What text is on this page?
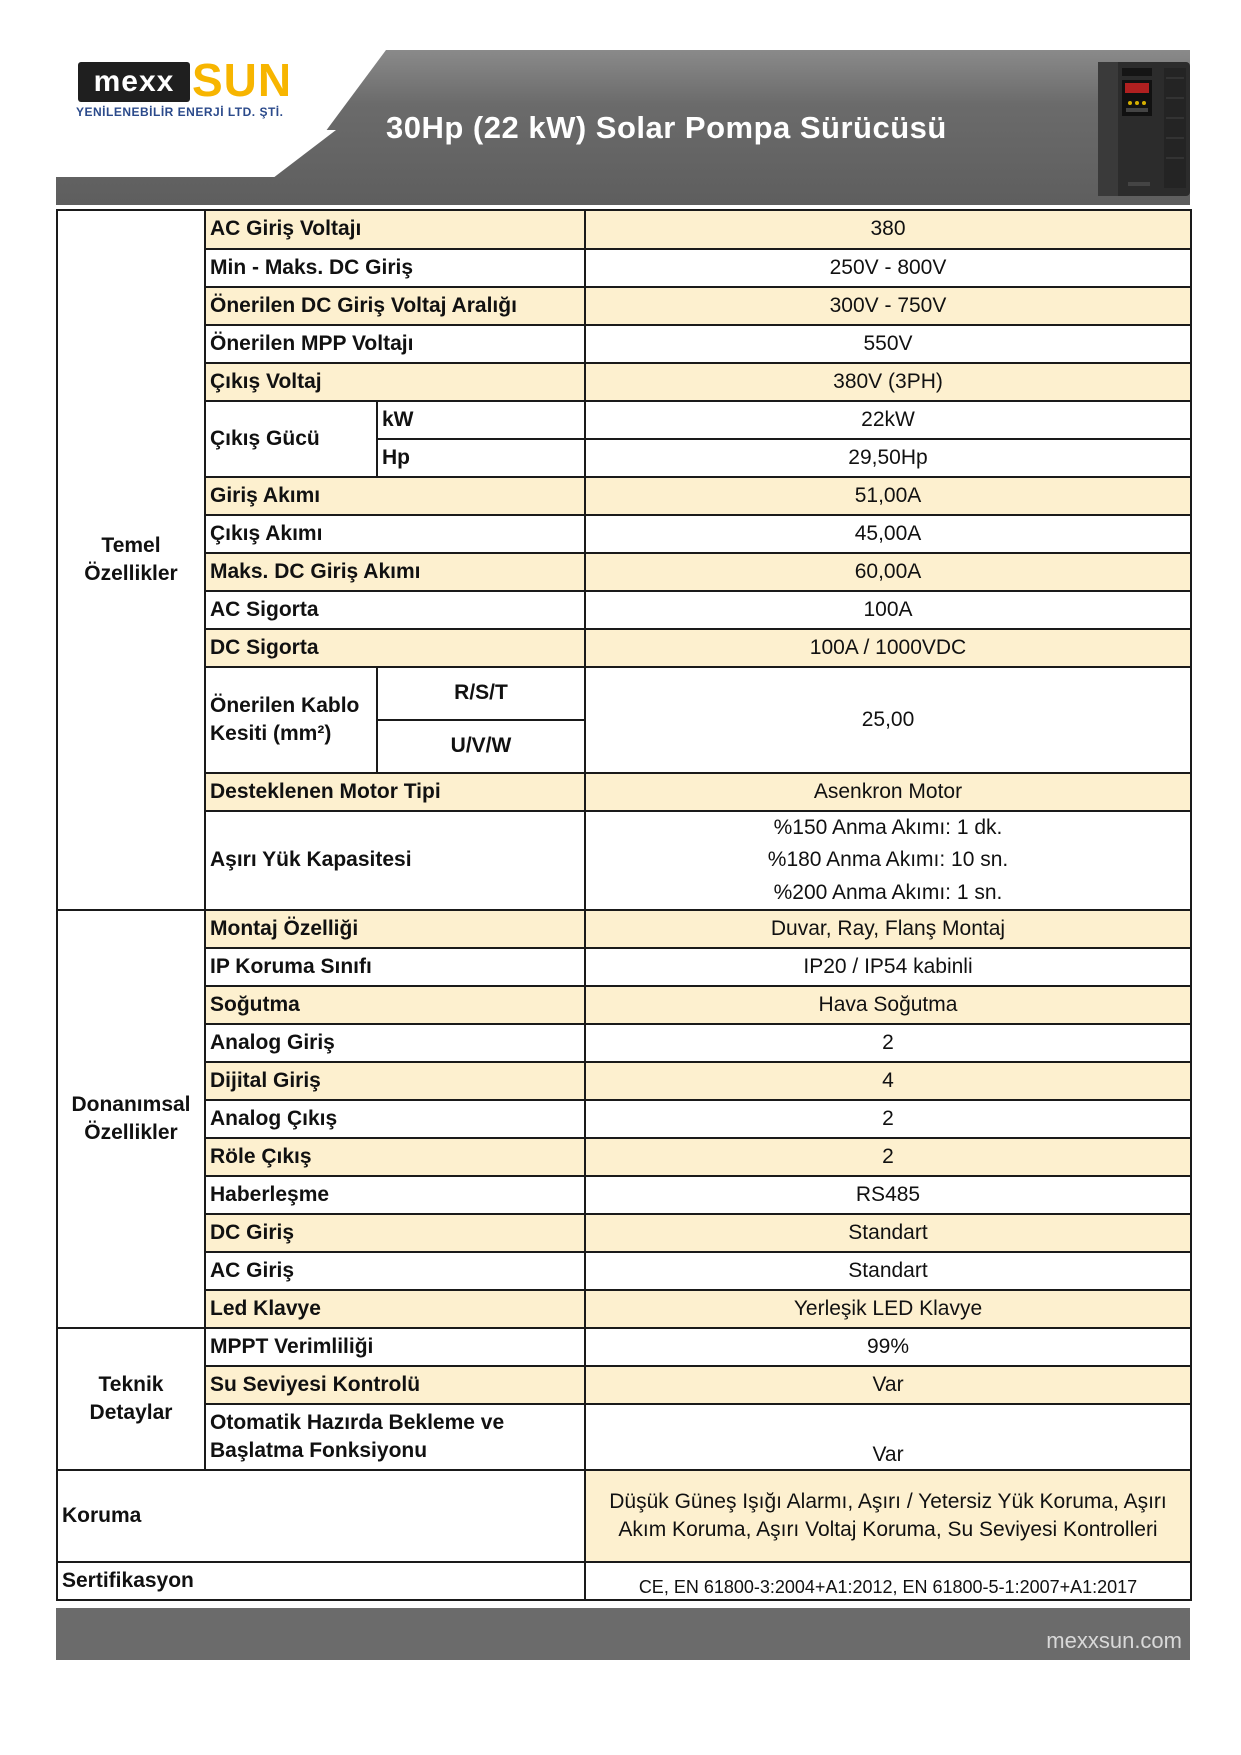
mexx SUN
YENİLENEBİLİR ENERJİ LTD. ŞTİ.	30Hp (22 kW) Solar Pompa Sürücüsü
Temel
Özellikler	AC Giriş Voltajı		380
	Min - Maks. DC Giriş		250V - 800V
	Önerilen DC Giriş Voltaj Aralığı		300V - 750V
	Önerilen MPP Voltajı		550V
	Çıkış Voltaj		380V (3PH)
	Çıkış Gücü	kW	22kW
		Hp	29,50Hp
	Giriş Akımı		51,00A
	Çıkış Akımı		45,00A
	Maks. DC Giriş Akımı		60,00A
	AC Sigorta		100A
	DC Sigorta		100A / 1000VDC
	Önerilen Kablo Kesiti (mm²)	R/S/T	25,00
		U/V/W	
	Desteklenen Motor Tipi		Asenkron Motor
	Aşırı Yük Kapasitesi		%150 Anma Akımı: 1 dk.
			%180 Anma Akımı: 10 sn.
			%200 Anma Akımı: 1 sn.
Donanımsal
Özellikler	Montaj Özelliği		Duvar, Ray, Flanş Montaj
	IP Koruma Sınıfı		IP20 / IP54 kabinli
	Soğutma		Hava Soğutma
	Analog Giriş		2
	Dijital Giriş		4
	Analog Çıkış		2
	Röle Çıkış		2
	Haberleşme		RS485
	DC Giriş		Standart
	AC Giriş		Standart
	Led Klavye		Yerleşik LED Klavye
Teknik
Detaylar	MPPT Verimliliği		99%
	Su Seviyesi Kontrolü		Var
	Otomatik Hazırda Bekleme ve Başlatma Fonksiyonu		Var
Koruma			Düşük Güneş Işığı Alarmı, Aşırı / Yetersiz Yük Koruma, Aşırı Akım Koruma, Aşırı Voltaj Koruma, Su Seviyesi Kontrolleri
Sertifikasyon			CE, EN 61800-3:2004+A1:2012, EN 61800-5-1:2007+A1:2017
mexxsun.com
